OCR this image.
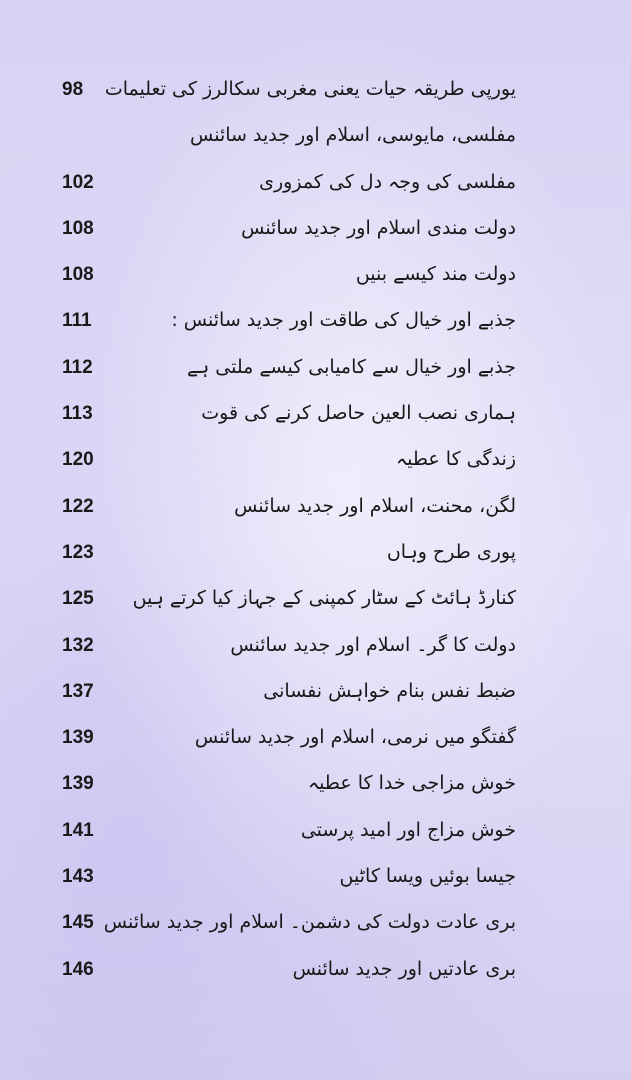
یورپی طریقہ حیات یعنی مغربی سکالرز کی تعلیمات
98
مفلسی، مایوسی، اسلام اور جدید سائنس
مفلسی کی وجہ دل کی کمزوری
102
دولت مندی اسلام اور جدید سائنس
108
دولت مند کیسے بنیں
108
جذبے اور خیال کی طاقت اور جدید سائنس :
111
جذبے اور خیال سے کامیابی کیسے ملتی ہے
112
ہماری نصب العین حاصل کرنے کی قوت
113
زندگی کا عطیہ
120
لگن، محنت، اسلام اور جدید سائنس
122
پوری طرح وہاں
123
کنارڈ ہائٹ کے سٹار کمپنی کے جہاز کیا کرتے ہیں
125
دولت کا گر۔ اسلام اور جدید سائنس
132
ضبط نفس بنام خواہش نفسانی
137
گفتگو میں نرمی، اسلام اور جدید سائنس
139
خوش مزاجی خدا کا عطیہ
139
خوش مزاج اور امید پرستی
141
جیسا بوئیں ویسا کاٹیں
143
بری عادت دولت کی دشمن۔ اسلام اور جدید سائنس
145
بری عادتیں اور جدید سائنس
146
